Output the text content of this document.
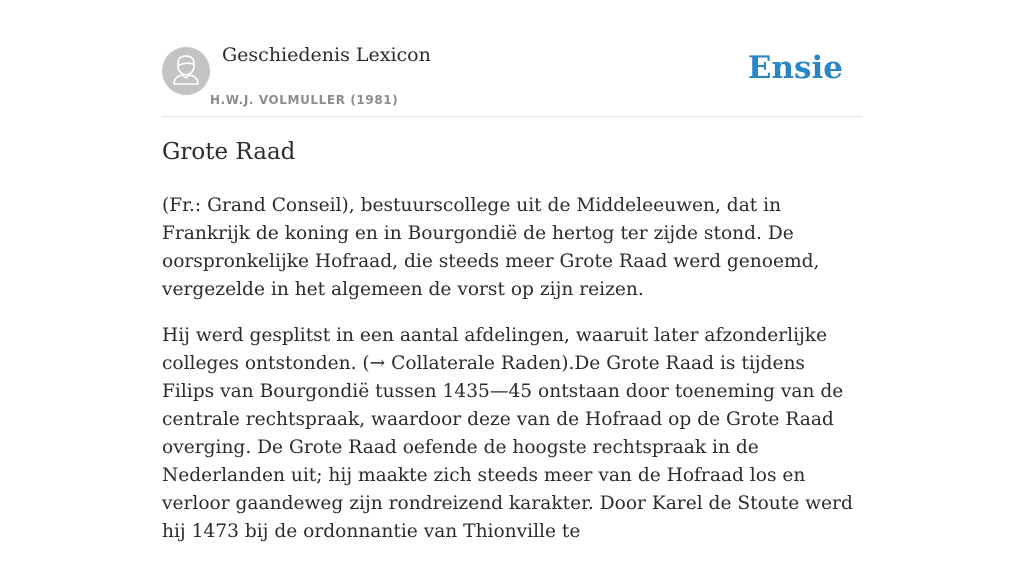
Geschiedenis Lexicon
H.W.J. VOLMULLER (1981)
Ensie
Grote Raad

(Fr.: Grand Conseil), bestuurscollege uit de Middeleeuwen, dat in Frankrijk de koning en in Bourgondië de hertog ter zijde stond. De oorspronkelijke Hofraad, die steeds meer Grote Raad werd genoemd, vergezelde in het algemeen de vorst op zijn reizen.

Hij werd gesplitst in een aantal afdelingen, waaruit later afzonderlijke colleges ontstonden. (→ Collaterale Raden).De Grote Raad is tijdens Filips van Bourgondië tussen 1435—45 ontstaan door toeneming van de centrale rechtspraak, waardoor deze van de Hofraad op de Grote Raad overging. De Grote Raad oefende de hoogste rechtspraak in de Nederlanden uit; hij maakte zich steeds meer van de Hofraad los en verloor gaandeweg zijn rondreizend karakter. Door Karel de Stoute werd hij 1473 bij de ordonnantie van Thionville te
